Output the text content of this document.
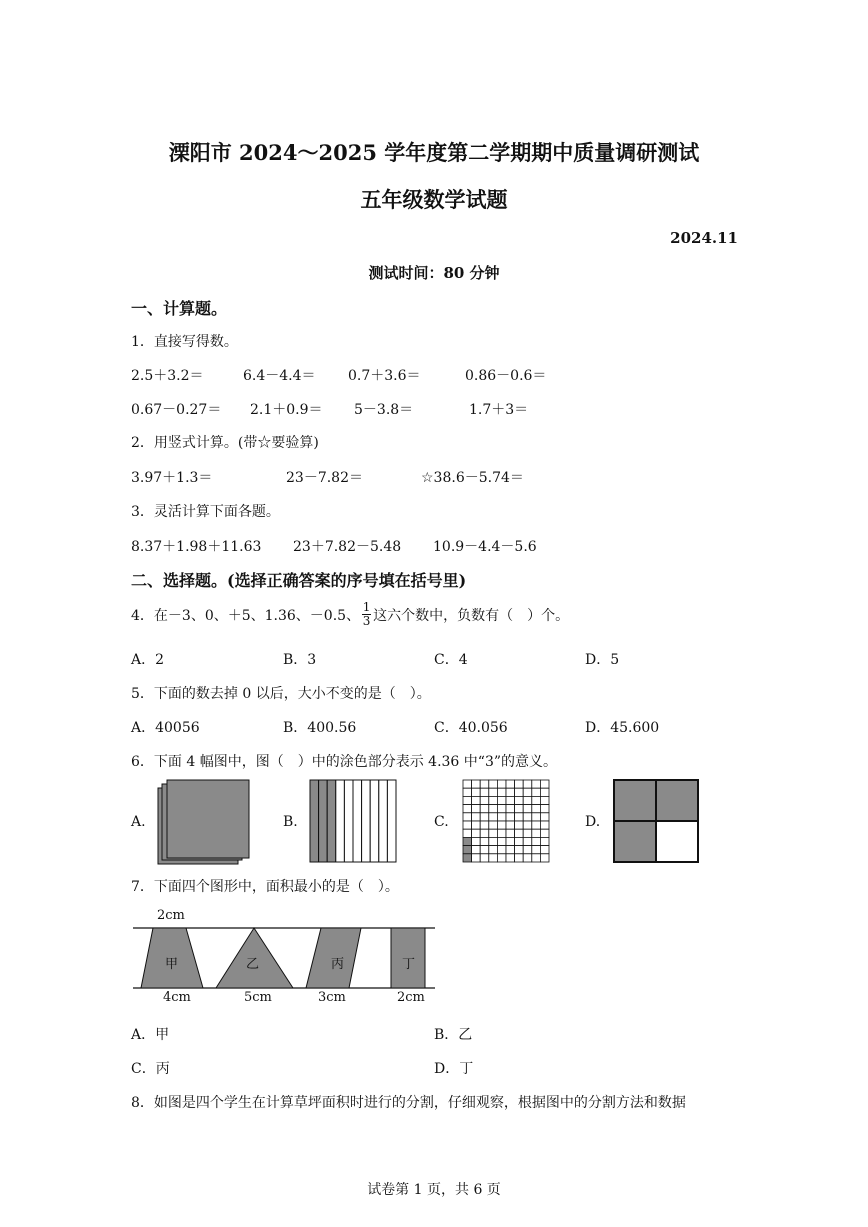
溧阳市 2024～2025 学年度第二学期期中质量调研测试
五年级数学试题
2024.11
测试时间：80 分钟
一、计算题。
1．直接写得数。
2.5＋3.2＝	6.4－4.4＝ 0.7＋3.6＝	0.86－0.6＝
0.67－0.27＝ 2.1＋0.9＝ 5－3.8＝	1.7＋3＝
2．用竖式计算。(带☆要验算)
3.97＋1.3＝	23－7.82＝	☆38.6－5.74＝
3．灵活计算下面各题。
8.37＋1.98＋11.63 23＋7.82－5.48 10.9－4.4－5.6
二、选择题。(选择正确答案的序号填在括号里)
4．在－3、0、＋5、1.36、－0.5、 $\frac{1}{3}$ 这六个数中，负数有（　）个。
A．2	B．3	C．4	D．5
5．下面的数去掉 0 以后，大小不变的是（　）。
A．40056	B．400.56	C．40.056	D．45.600
6．下面 4 幅图中，图（　）中的涂色部分表示 4.36 中“3”的意义。
A.	B.	C.	D.
7．下面四个图形中，面积最小的是（　）。
2cm
甲	乙	丙	丁
4cm	5cm	3cm	2cm
A．甲	B．乙
C．丙	D．丁
8．如图是四个学生在计算草坪面积时进行的分割，仔细观察，根据图中的分割方法和数据
试卷第 1 页，共 6 页
